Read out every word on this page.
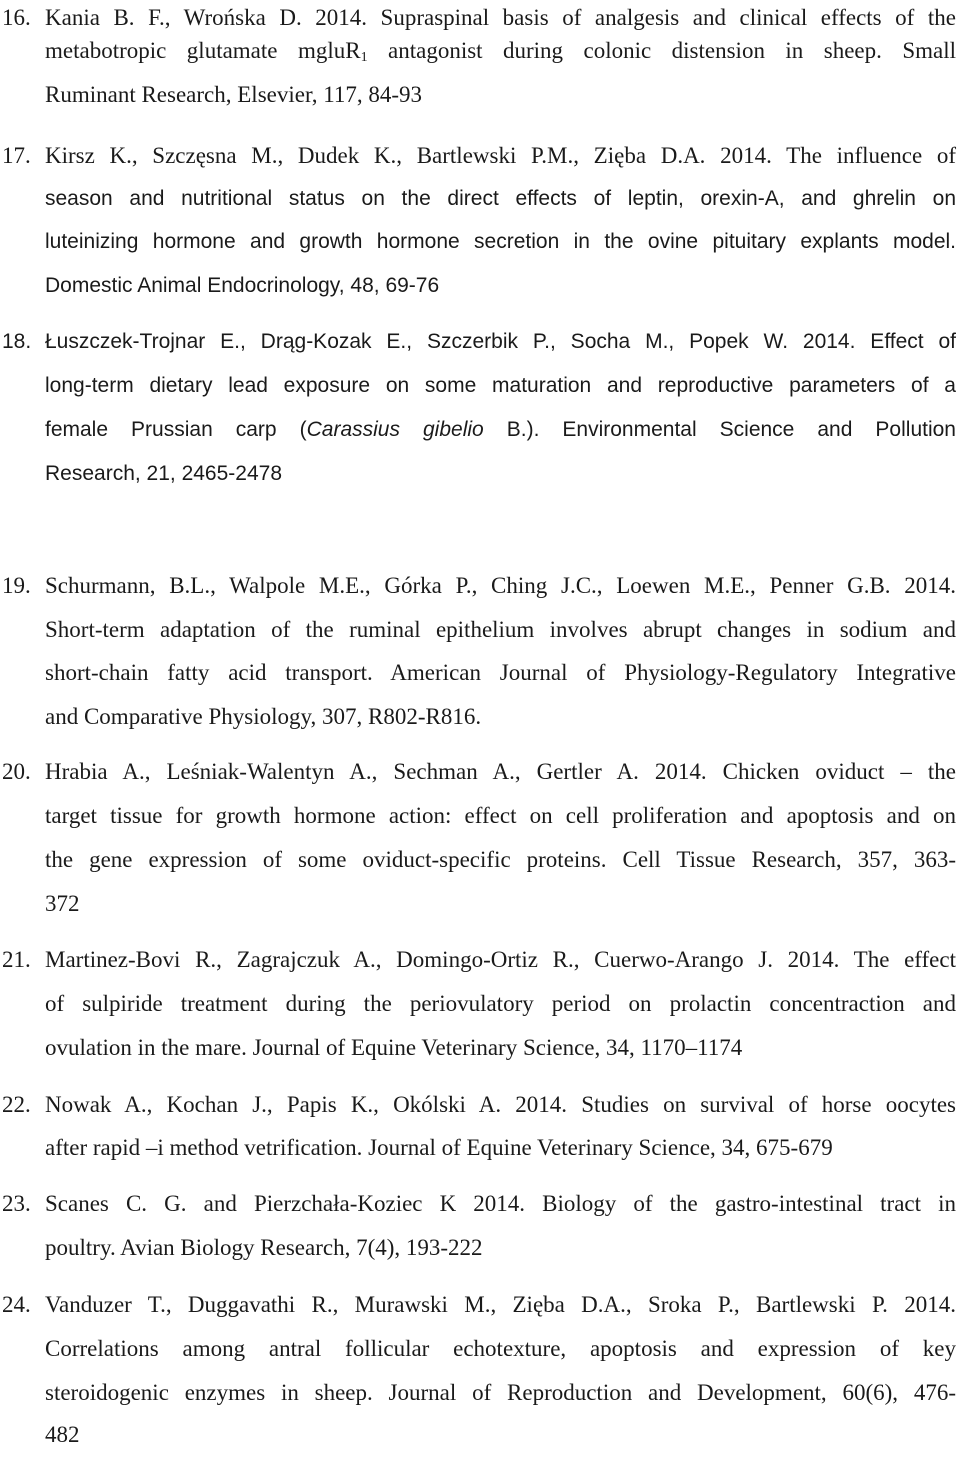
16. Kania B. F., Wrońska D. 2014. Supraspinal basis of analgesis and clinical effects of the
metabotropic glutamate mgluR$_1$ antagonist during colonic distension in sheep. Small
Ruminant Research, Elsevier, 117, 84-93
17. Kirsz K., Szczęsna M., Dudek K., Bartlewski P.M., Zięba D.A. 2014. The influence of
season and nutritional status on the direct effects of leptin, orexin-A, and ghrelin on
luteinizing hormone and growth hormone secretion in the ovine pituitary explants model.
Domestic Animal Endocrinology, 48, 69-76
18. Łuszczek-Trojnar E., Drąg-Kozak E., Szczerbik P., Socha M., Popek W. 2014. Effect of
long-term dietary lead exposure on some maturation and reproductive parameters of a
female Prussian carp (Carassius gibelio B.). Environmental Science and Pollution
Research, 21, 2465-2478
19. Schurmann, B.L., Walpole M.E., Górka P., Ching J.C., Loewen M.E., Penner G.B. 2014.
Short-term adaptation of the ruminal epithelium involves abrupt changes in sodium and
short-chain fatty acid transport. American Journal of Physiology-Regulatory Integrative
and Comparative Physiology, 307, R802-R816.
20. Hrabia A., Leśniak-Walentyn A., Sechman A., Gertler A. 2014. Chicken oviduct – the
target tissue for growth hormone action: effect on cell proliferation and apoptosis and on
the gene expression of some oviduct-specific proteins. Cell Tissue Research, 357, 363-
372
21. Martinez-Bovi R., Zagrajczuk A., Domingo-Ortiz R., Cuerwo-Arango J. 2014. The effect
of sulpiride treatment during the periovulatory period on prolactin concentraction and
ovulation in the mare. Journal of Equine Veterinary Science, 34, 1170–1174
22. Nowak A., Kochan J., Papis K., Okólski A. 2014. Studies on survival of horse oocytes
after rapid –i method vetrification. Journal of Equine Veterinary Science, 34, 675-679
23. Scanes C. G. and Pierzchała-Koziec K 2014. Biology of the gastro-intestinal tract in
poultry. Avian Biology Research, 7(4), 193-222
24. Vanduzer T., Duggavathi R., Murawski M., Zięba D.A., Sroka P., Bartlewski P. 2014.
Correlations among antral follicular echotexture, apoptosis and expression of key
steroidogenic enzymes in sheep. Journal of Reproduction and Development, 60(6), 476-
482
